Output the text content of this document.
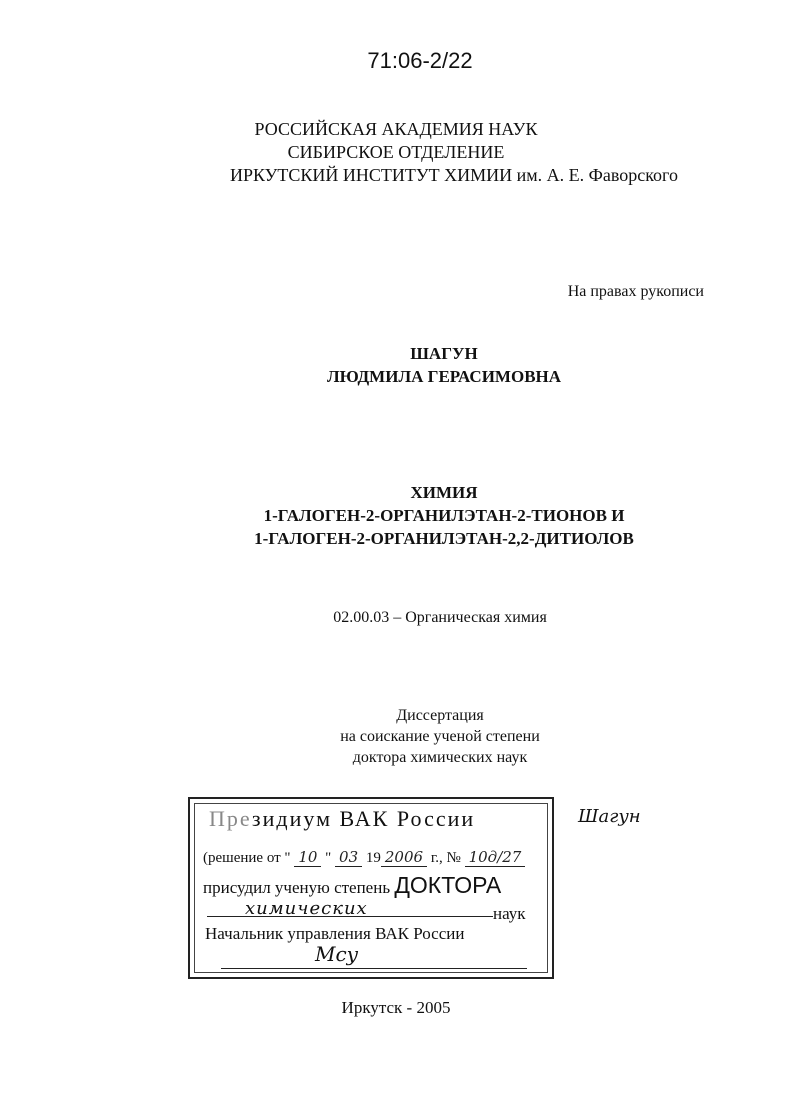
71:06-2/22
РОССИЙСКАЯ АКАДЕМИЯ НАУК
СИБИРСКОЕ ОТДЕЛЕНИЕ
ИРКУТСКИЙ ИНСТИТУТ ХИМИИ им. А. Е. Фаворского
На правах рукописи
ШАГУН
ЛЮДМИЛА ГЕРАСИМОВНА
ХИМИЯ
1-ГАЛОГЕН-2-ОРГАНИЛЭТАН-2-ТИОНОВ И
1-ГАЛОГЕН-2-ОРГАНИЛЭТАН-2,2-ДИТИОЛОВ
02.00.03 – Органическая химия
Диссертация
на соискание ученой степени
доктора химических наук
Президиум ВАК России
(решение от " 10 " 03 19 2006 г., № 10д/27
присудил ученую степень ДОКТОРА
химических	наук
Начальник управления ВАК России
Мсу
Шагун
Иркутск - 2005
